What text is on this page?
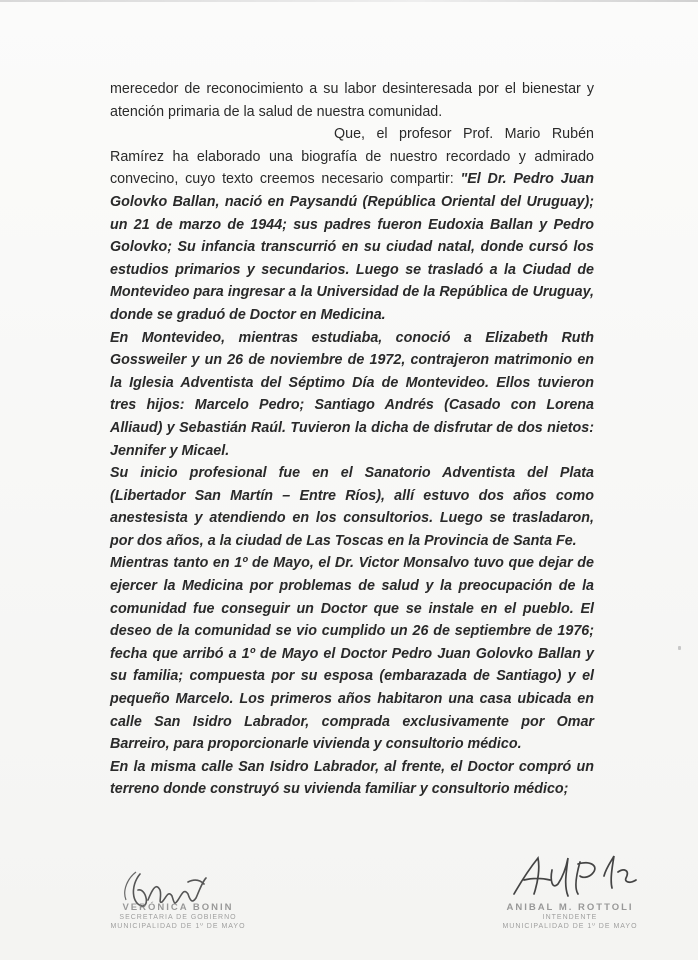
merecedor de reconocimiento a su labor desinteresada por el bienestar y atención primaria de la salud de nuestra comunidad.

Que, el profesor Prof. Mario Rubén Ramírez ha elaborado una biografía de nuestro recordado y admirado convecino, cuyo texto creemos necesario compartir: "El Dr. Pedro Juan Golovko Ballan, nació en Paysandú (República Oriental del Uruguay); un 21 de marzo de 1944; sus padres fueron Eudoxia Ballan y Pedro Golovko; Su infancia transcurrió en su ciudad natal, donde cursó los estudios primarios y secundarios. Luego se trasladó a la Ciudad de Montevideo para ingresar a la Universidad de la República de Uruguay, donde se graduó de Doctor en Medicina.

En Montevideo, mientras estudiaba, conoció a Elizabeth Ruth Gossweiler y un 26 de noviembre de 1972, contrajeron matrimonio en la Iglesia Adventista del Séptimo Día de Montevideo. Ellos tuvieron tres hijos: Marcelo Pedro; Santiago Andrés (Casado con Lorena Alliaud) y Sebastián Raúl. Tuvieron la dicha de disfrutar de dos nietos: Jennifer y Micael.

Su inicio profesional fue en el Sanatorio Adventista del Plata (Libertador San Martín – Entre Ríos), allí estuvo dos años como anestesista y atendiendo en los consultorios. Luego se trasladaron, por dos años, a la ciudad de Las Toscas en la Provincia de Santa Fe.

Mientras tanto en 1º de Mayo, el Dr. Victor Monsalvo tuvo que dejar de ejercer la Medicina por problemas de salud y la preocupación de la comunidad fue conseguir un Doctor que se instale en el pueblo. El deseo de la comunidad se vio cumplido un 26 de septiembre de 1976; fecha que arribó a 1º de Mayo el Doctor Pedro Juan Golovko Ballan y su familia; compuesta por su esposa (embarazada de Santiago) y el pequeño Marcelo. Los primeros años habitaron una casa ubicada en calle San Isidro Labrador, comprada exclusivamente por Omar Barreiro, para proporcionarle vivienda y consultorio médico.

En la misma calle San Isidro Labrador, al frente, el Doctor compró un terreno donde construyó su vivienda familiar y consultorio médico;

VERÓNICA BONIN
SECRETARIA DE GOBIERNO
MUNICIPALIDAD DE 1º DE MAYO
ANIBAL M. ROTTOLI
INTENDENTE
MUNICIPALIDAD DE 1º DE MAYO
